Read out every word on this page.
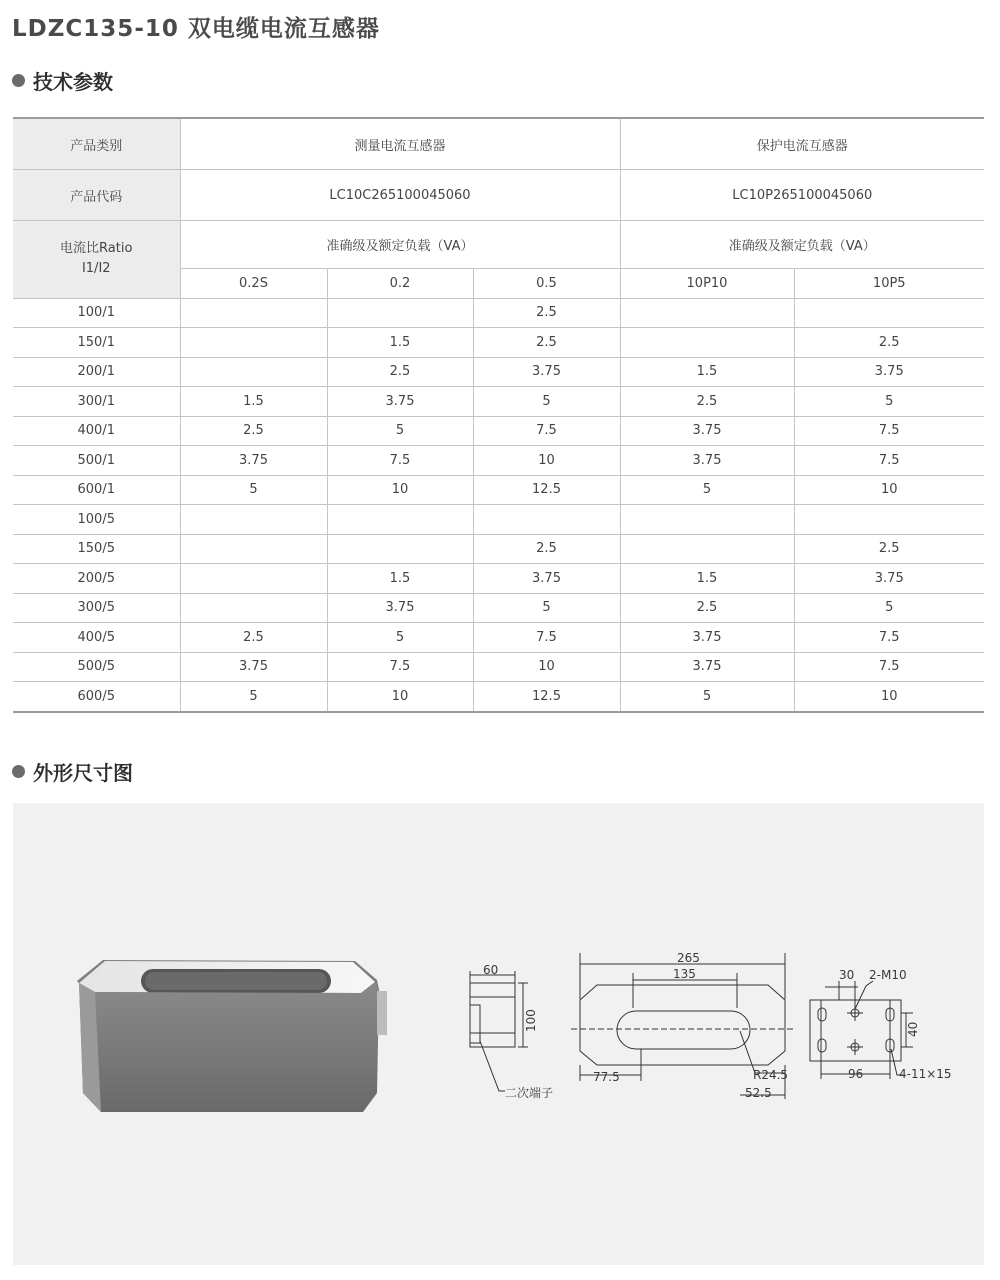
LDZC135-10 双电缆电流互感器
技术参数
产品类别	测量电流互感器			保护电流互感器	
产品代码	LC10C265100045060			LC10P265100045060	

电流比Ratio
I1/I2	准确级及额定负载（VA）			准确级及额定负载（VA）	
	0.2S	0.2	0.5	10P10	10P5
100/1			2.5		
150/1		1.5	2.5		2.5
200/1		2.5	3.75	1.5	3.75
300/1	1.5	3.75	5	2.5	5
400/1	2.5	5	7.5	3.75	7.5
500/1	3.75	7.5	10	3.75	7.5
600/1	5	10	12.5	5	10
100/5					
150/5			2.5		2.5
200/5		1.5	3.75	1.5	3.75
300/5		3.75	5	2.5	5
400/5	2.5	5	7.5	3.75	7.5
500/5	3.75	7.5	10	3.75	7.5
600/5	5	10	12.5	5	10
外形尺寸图
60
100
二次端子
265
135
77.5	R24.5
52.5
30 2-M10
40
96	4-11×15
